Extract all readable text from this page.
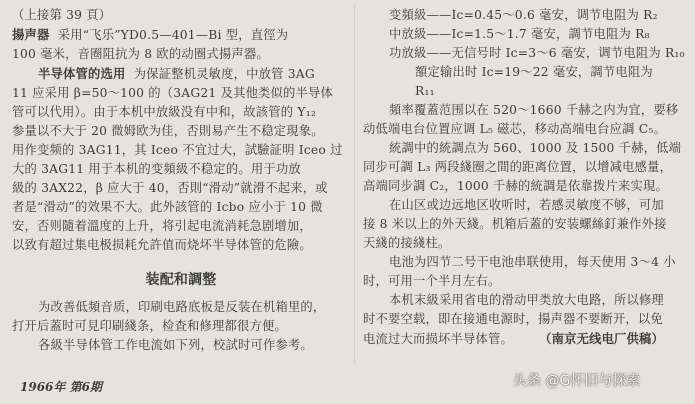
（上接第 39 頁）

揚声器 采用“飞乐”YD0.5—401—Bi 型，直徑为

100 毫米，音圈阻抗为 8 欧的动圈式揚声器。

半导体管的选用 为保証整机灵敏度，中放管 3AG

11 应采用 β=50～100 的（3AG21 及其他类似的半导体

管可以代用）。由于本机中放級没有中和，故該管的 Y₁₂

参量以不大于 20 微姆欧为佳，否則易产生不稳定現象。

用作变频的 3AG11，其 Iceo 不宜过大，試驗証明 Iceo 过

大的 3AG11 用于本机的变頻級不稳定的。用于功放

級的 3AX22，β 应大于 40，否則“滑动”就滑不起来，或

者是“滑动”的效果不大。此外該管的 Icbo 应小于 10 微

安，否则隨着溫度的上升，将引起电流消耗急剧增加，

以致有超过集电极损耗允許值而烧坏半导体管的危險。

装配和調整

为改善低頻音质，印刷电路底板是反装在机箱里的，

打开后蓋时可見印刷綫条，检查和修理都很方便。

各級半导体管工作电流如下列，校試时可作参考。

变頻級——Ic=0.45～0.6 毫安，调节电阻为 R₂

中放級——Ic=1.5～1.7 毫安，調节电阻为 R₈

功放級——无信号时 Ic=3～6 毫安，调节电阻为 R₁₀

額定输出时 Ic=19～22 毫安，調节电阻为

R₁₁

頻率覆蓋范围以在 520～1660 千赫之内为宜，要移

动低端电台位置应调 L₅ 磁芯，移动高端电台应調 C₅。

統調中的統調点为 560、1000 及 1500 千赫，低端

同步可調 L₃ 两段綫圈之間的距离位置，以增减电感量，

高端同步調 C₂，1000 千赫的統調是依靠拨片来实現。

在山区或边远地区收听时，若感灵敏度不够，可加

接 8 米以上的外天綫。机箱后蓋的安装螺絲釘兼作外接

天綫的接綫柱。

电池为四节二号干电池串联使用，每天使用 3～4 小

时，可用一个半月左右。

本机末級采用省电的滑动甲类放大电路，所以修理

时不要空载，即在接通电源时，揚声器不要断开，以免

电流过大而损坏半导体管。 （南京无线电厂供稿）

1966年 第6期	头条 @G怀旧与探索
